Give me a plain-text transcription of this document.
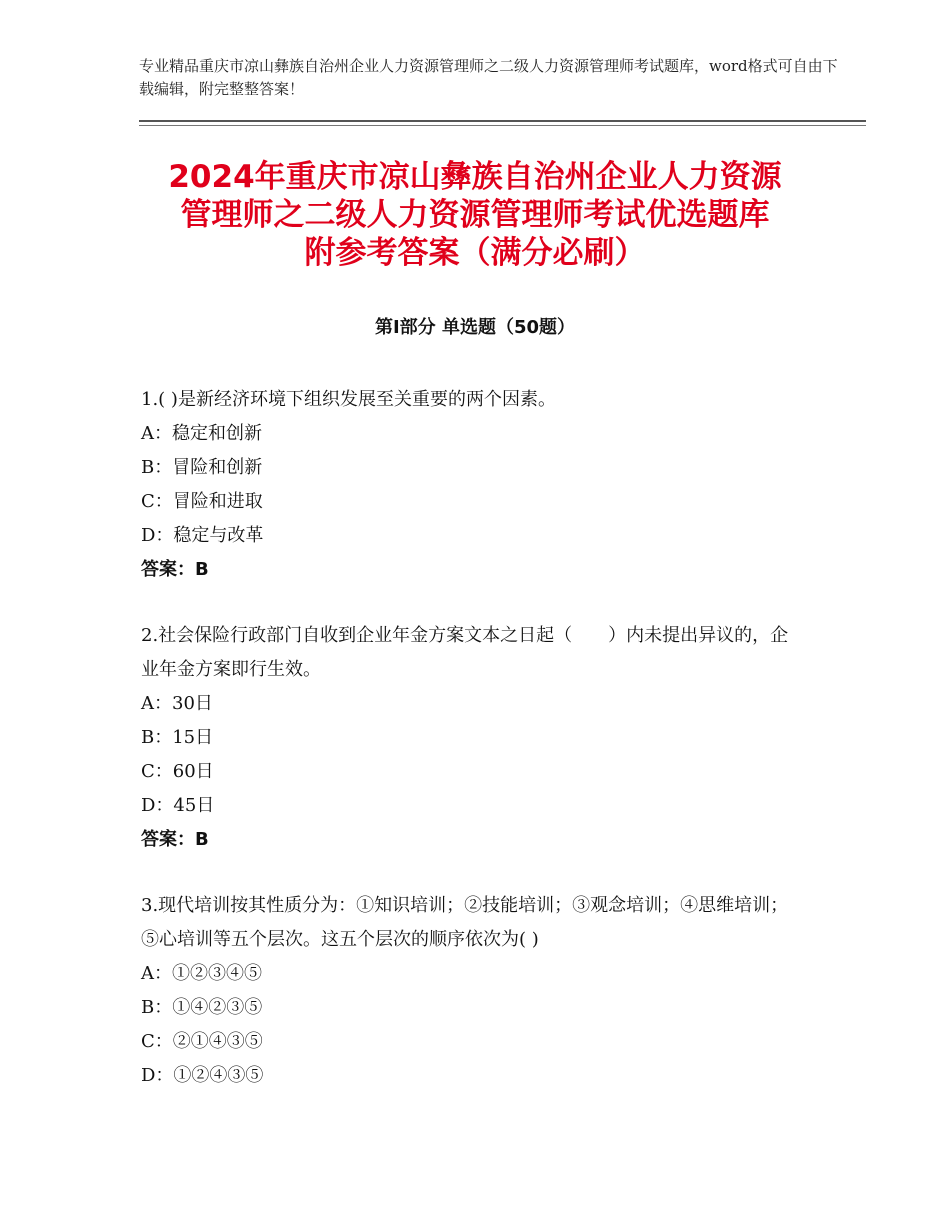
专业精品重庆市凉山彝族自治州企业人力资源管理师之二级人力资源管理师考试题库，word格式可自由下载编辑，附完整整答案！
2024年重庆市凉山彝族自治州企业人力资源
管理师之二级人力资源管理师考试优选题库
附参考答案（满分必刷）
第Ⅰ部分 单选题（50题）
1.( )是新经济环境下组织发展至关重要的两个因素。
A：稳定和创新
B：冒险和创新
C：冒险和进取
D：稳定与改革
答案：B
2.社会保险行政部门自收到企业年金方案文本之日起（　　）内未提出异议的，企业年金方案即行生效。
A：30日
B：15日
C：60日
D：45日
答案：B
3.现代培训按其性质分为：①知识培训；②技能培训；③观念培训；④思维培训；⑤心培训等五个层次。这五个层次的顺序依次为( )
A：①②③④⑤
B：①④②③⑤
C：②①④③⑤
D：①②④③⑤
